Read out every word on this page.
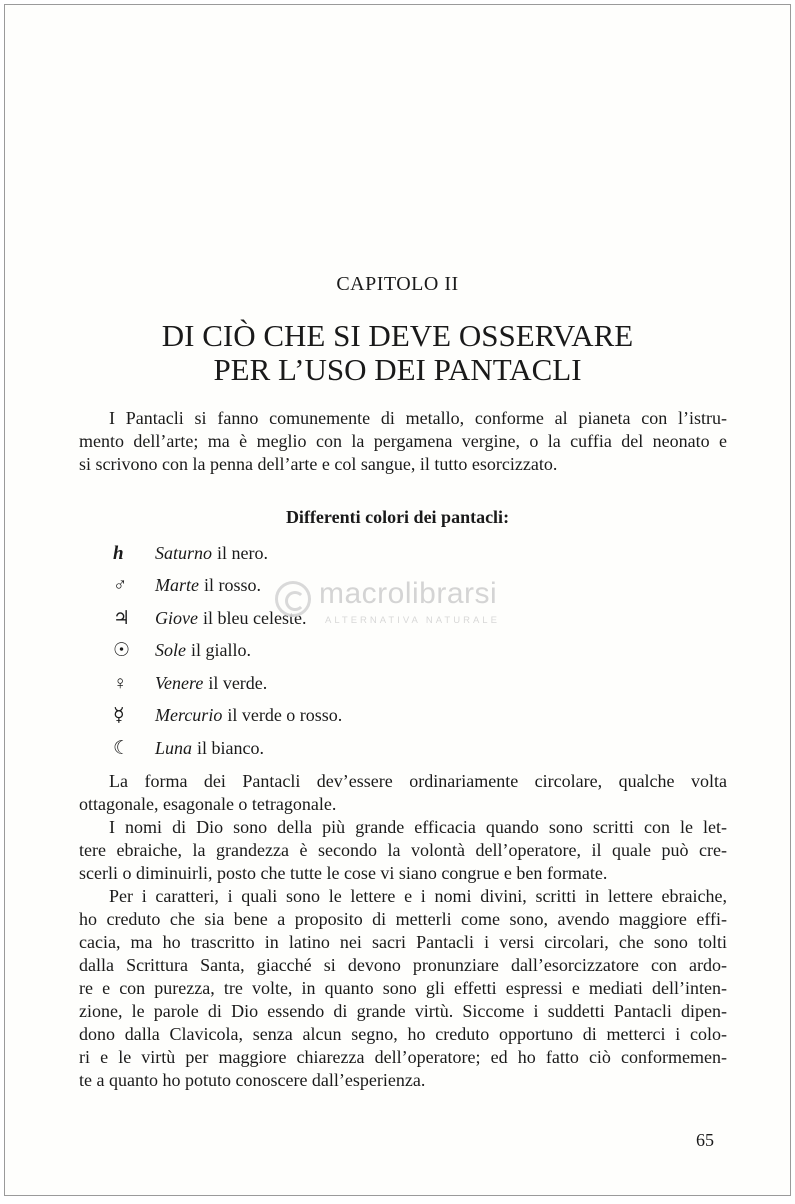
CAPITOLO II
DI CIÒ CHE SI DEVE OSSERVARE
PER L’USO DEI PANTACLI

I Pantacli si fanno comunemente di metallo, conforme al pianeta con l’istru-
mento dell’arte; ma è meglio con la pergamena vergine, o la cuffia del neonato e
si scrivono con la penna dell’arte e col sangue, il tutto esorcizzato.

Differenti colori dei pantacli:
h	Saturno il nero.
♂	Marte il rosso.
♃	Giove il bleu celeste.
☉	Sole il giallo.
♀	Venere il verde.
☿	Mercurio il verde o rosso.
☾	Luna il bianco.
macrolibrarsi
ALTERNATIVA NATURALE

La forma dei Pantacli dev’essere ordinariamente circolare, qualche volta
ottagonale, esagonale o tetragonale.

I nomi di Dio sono della più grande efficacia quando sono scritti con le let-
tere ebraiche, la grandezza è secondo la volontà dell’operatore, il quale può cre-
scerli o diminuirli, posto che tutte le cose vi siano congrue e ben formate.

Per i caratteri, i quali sono le lettere e i nomi divini, scritti in lettere ebraiche,
ho creduto che sia bene a proposito di metterli come sono, avendo maggiore effi-
cacia, ma ho trascritto in latino nei sacri Pantacli i versi circolari, che sono tolti
dalla Scrittura Santa, giacché si devono pronunziare dall’esorcizzatore con ardo-
re e con purezza, tre volte, in quanto sono gli effetti espressi e mediati dell’inten-
zione, le parole di Dio essendo di grande virtù. Siccome i suddetti Pantacli dipen-
dono dalla Clavicola, senza alcun segno, ho creduto opportuno di metterci i colo-
ri e le virtù per maggiore chiarezza dell’operatore; ed ho fatto ciò conformemen-
te a quanto ho potuto conoscere dall’esperienza.

65
